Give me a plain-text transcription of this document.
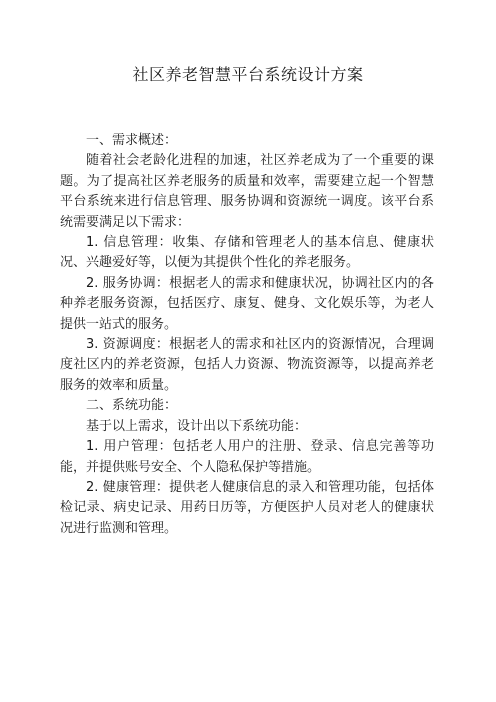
社区养老智慧平台系统设计方案

一、需求概述：

随着社会老龄化进程的加速，社区养老成为了一个重要的课题。为了提高社区养老服务的质量和效率，需要建立起一个智慧平台系统来进行信息管理、服务协调和资源统一调度。该平台系统需要满足以下需求：

1. 信息管理：收集、存储和管理老人的基本信息、健康状况、兴趣爱好等，以便为其提供个性化的养老服务。

2. 服务协调：根据老人的需求和健康状况，协调社区内的各种养老服务资源，包括医疗、康复、健身、文化娱乐等，为老人提供一站式的服务。

3. 资源调度：根据老人的需求和社区内的资源情况，合理调度社区内的养老资源，包括人力资源、物流资源等，以提高养老服务的效率和质量。

二、系统功能：

基于以上需求，设计出以下系统功能：

1. 用户管理：包括老人用户的注册、登录、信息完善等功能，并提供账号安全、个人隐私保护等措施。

2. 健康管理：提供老人健康信息的录入和管理功能，包括体检记录、病史记录、用药日历等，方便医护人员对老人的健康状况进行监测和管理。
